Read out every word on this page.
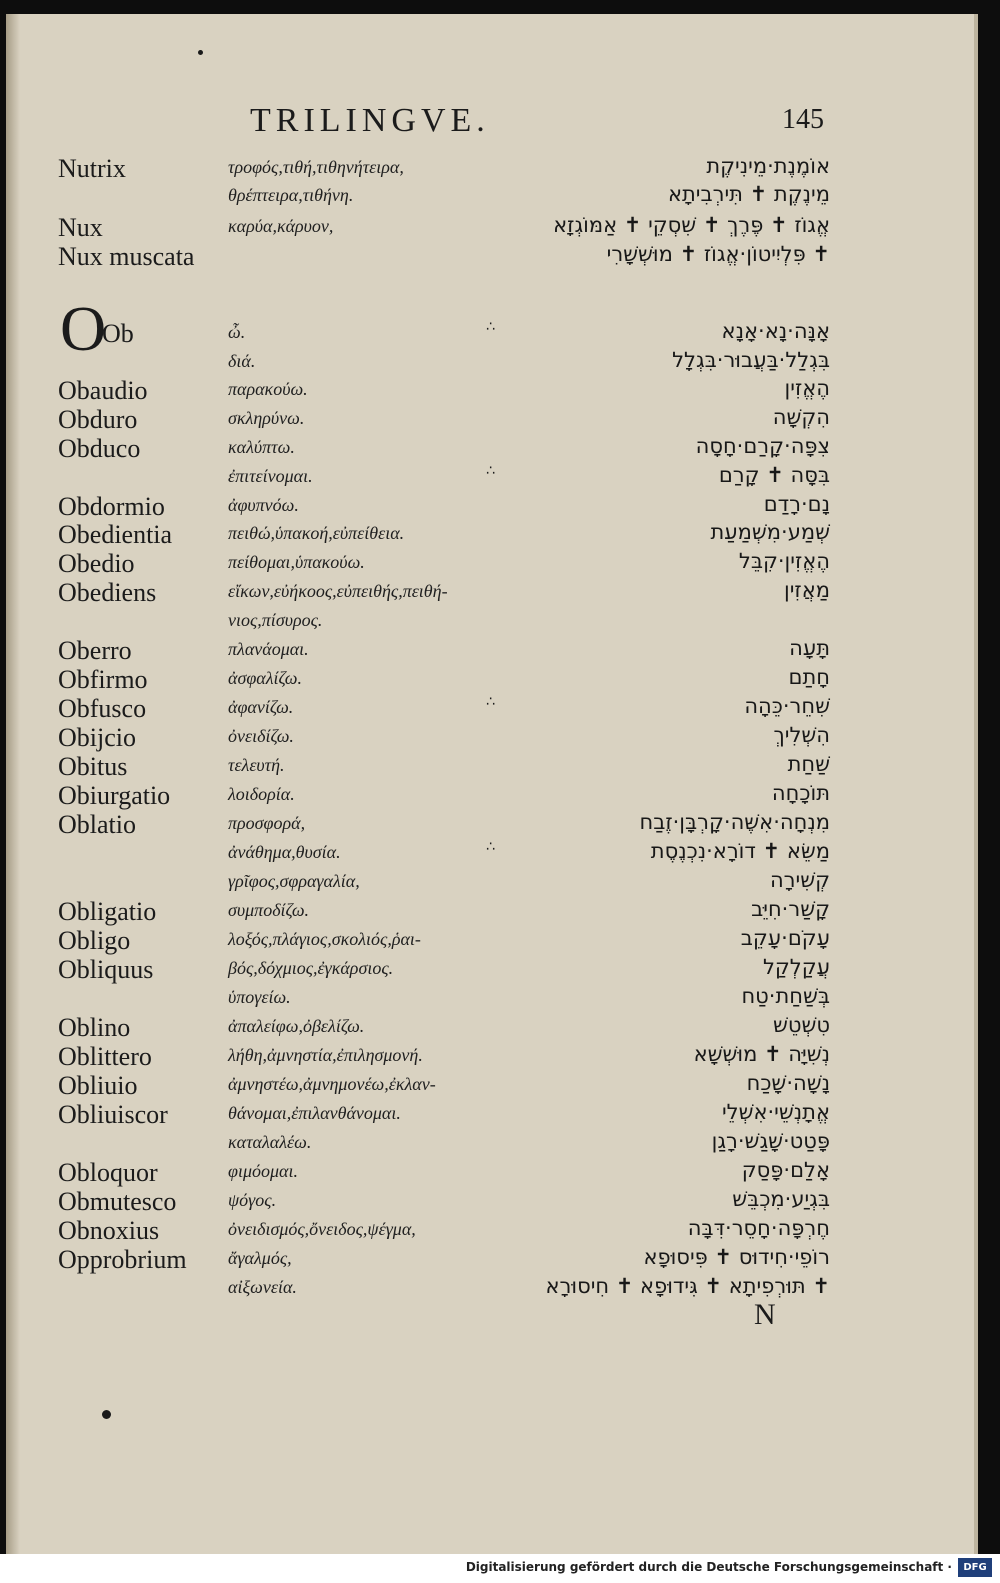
TRILINGVE.	145
O
Nutrix	τροφός,τιθή,τιθηνήτειρα,	אוֹמֶנֶת·מֵינִיקֶת
θρέπτειρα,τιθήνη.	מֵינֶקֶת ✝ תִּירְבִיתָא
Nux	καρύα,κάρυον,	אֱגוֹז ✝ פֶּרֶךְ ✝ שִׁסְקֵי ✝ אַמּוֹגְזָא
Nux muscata	✝ פִּלְיִיטוֹן·אֱגוֹז ✝ מוּשְׁשָׁרִי
Ob	ὦ.	∴	אָנָּה·נָא·אָנָא
διά.	בִּגְלַל·בַּעֲבוּר·בִּגְלָל
Obaudio	παρακούω.	הֶאֱזִין
Obduro	σκληρύνω.	הִקְשָׁה
Obduco	καλύπτω.	צִפָּה·קָרַם·חָסָה
ἐπιτείνομαι.	∴	בִּסָּה ✝ קָרַם
Obdormio	ἀφυπνόω.	נָם·רָדַם
Obedientia	πειθώ,ὑπακοή,εὐπείθεια.	שְׁמַע·מִשְׁמַעַת
Obedio	πείθομαι,ὑπακούω.	הֶאֱזִין·קִבֵּל
Obediens	εἴκων,εὐήκοος,εὐπειθής,πειθή-	מַאֲזִין
νιος,πίσυρος.
Oberro	πλανάομαι.	תָּעָה
Obfirmo	ἀσφαλίζω.	חָתַם
Obfusco	ἀφανίζω.	∴	שִׁחֵר·כֵּהָה
Obijcio	ὀνειδίζω.	הִשְׁלִיךְ
Obitus	τελευτή.	שַׁחַת
Obiurgatio	λοιδορία.	תּוֹכָחָה
Oblatio	προσφορά,	מִנְחָה·אִשֶּׁה·קָרְבָּן·זֶבַח
ἀνάθημα,θυσία.	∴	מַשֵּׂא ✝ דוֹרָא·נִכְנֶסֶת
γρῖφος,σφραγαλία,	קְשִׁירָה
Obligatio	συμποδίζω.	קָשַׁר·חִיֵּב
Obligo	λοξός,πλάγιος,σκολιός,ῥαι-	עָקֹם·עָקֵב
Obliquus	βός,δόχμιος,ἐγκάρσιος.	עֲקַלְקַל
ὑπογείω.	בְּשַׁחַת·טַח
Oblino	ἀπαλείφω,ὀβελίζω.	טִשְׁטֵשׁ
Oblittero	λήθη,ἀμνηστία,ἐπιλησμονή.	נְשִׁיָּה ✝ מוּשְׁשָׁא
Obliuio	ἀμνηστέω,ἀμνημονέω,ἐκλαν-	נָשָׁה·שָׁכַח
Obliuiscor	θάνομαι,ἐπιλανθάνομαι.	אֱתָנְשֵׁי·אִשְׁלֵי
καταλαλέω.	פָּטַט·שָׁגַשׁ·רָגַן
Obloquor	φιμόομαι.	אָלַם·פָּסַק
Obmutesco	ψόγος.	בִּגְיַע·מִכְבֵּשׁ
Obnoxius	ὀνειδισμός,ὄνειδος,ψέγμα,	חֶרְפָּה·חָסֵר·דִּבָּה
Opprobrium ἄγαλμός,	רוֹפֵי·חִידוּס ✝ פִּיסוּפָא
αἰξωνεία.	✝ תּוּרְפִיתָא ✝ גִּידוּפָא ✝ חִיסוּרָא
N
Digitalisierung gefördert durch die Deutsche Forschungsgemeinschaft ·	DFG
